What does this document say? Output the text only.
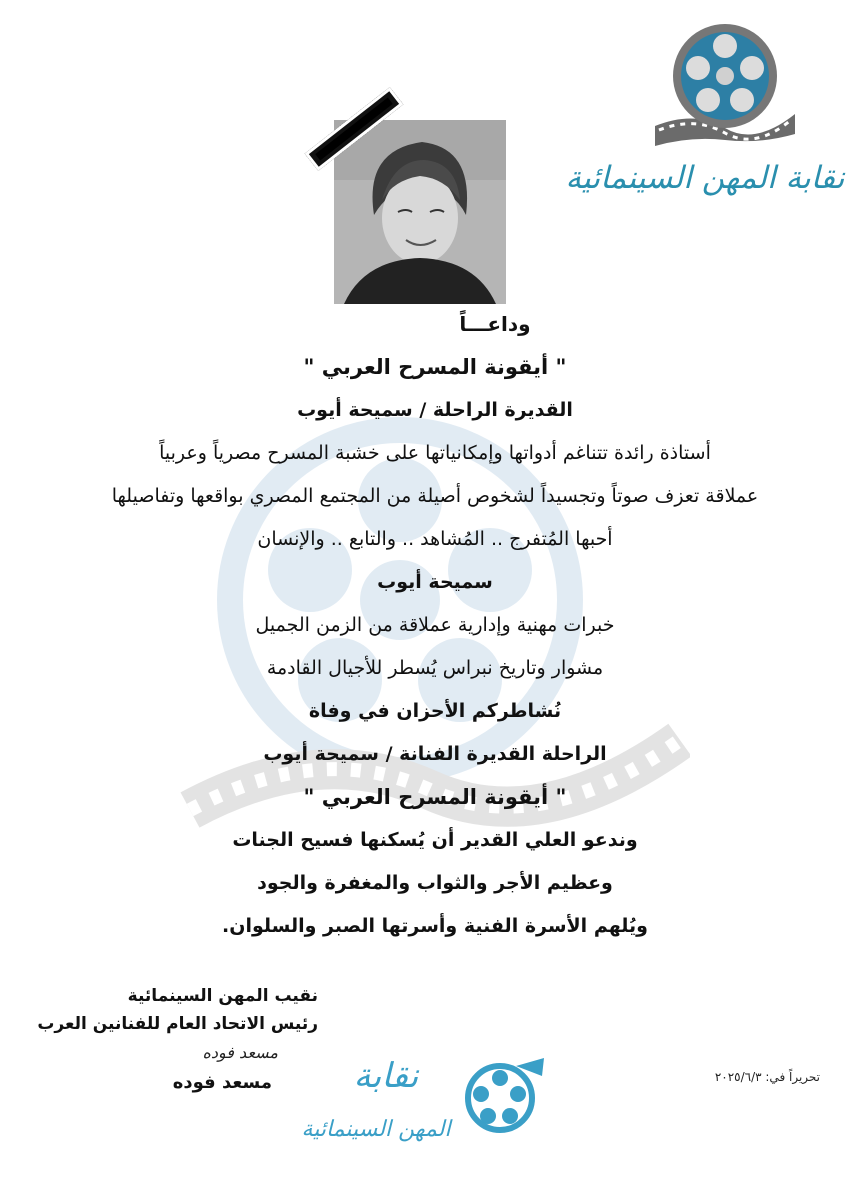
نقابة المهن السينمائية
وداعـــاً
" أيقونة المسرح العربي "
القديرة الراحلة / سميحة أيوب
أستاذة رائدة تتناغم أدواتها وإمكانياتها على خشبة المسرح مصرياً وعربياً
عملاقة تعزف صوتاً وتجسيداً لشخوص أصيلة من المجتمع المصري بواقعها وتفاصيلها
أحبها المُتفرج .. المُشاهد .. والتابع .. والإنسان
سميحة أيوب
خبرات مهنية وإدارية عملاقة من الزمن الجميل
مشوار وتاريخ نبراس يُسطر للأجيال القادمة
نُشاطركم الأحزان في وفاة
الراحلة القديرة الفنانة / سميحة أيوب
" أيقونة المسرح العربي "
وندعو العلي القدير أن يُسكنها فسيح الجنات
وعظيم الأجر والثواب والمغفرة والجود
ويُلهم الأسرة الفنية وأسرتها الصبر والسلوان.
نقيب المهن السينمائية
رئيس الاتحاد العام للفنانين العرب
مسعد فوده
مسعد فوده	نقابة
المهن السينمائية
تحريراً في: ٢٠٢٥/٦/٣
